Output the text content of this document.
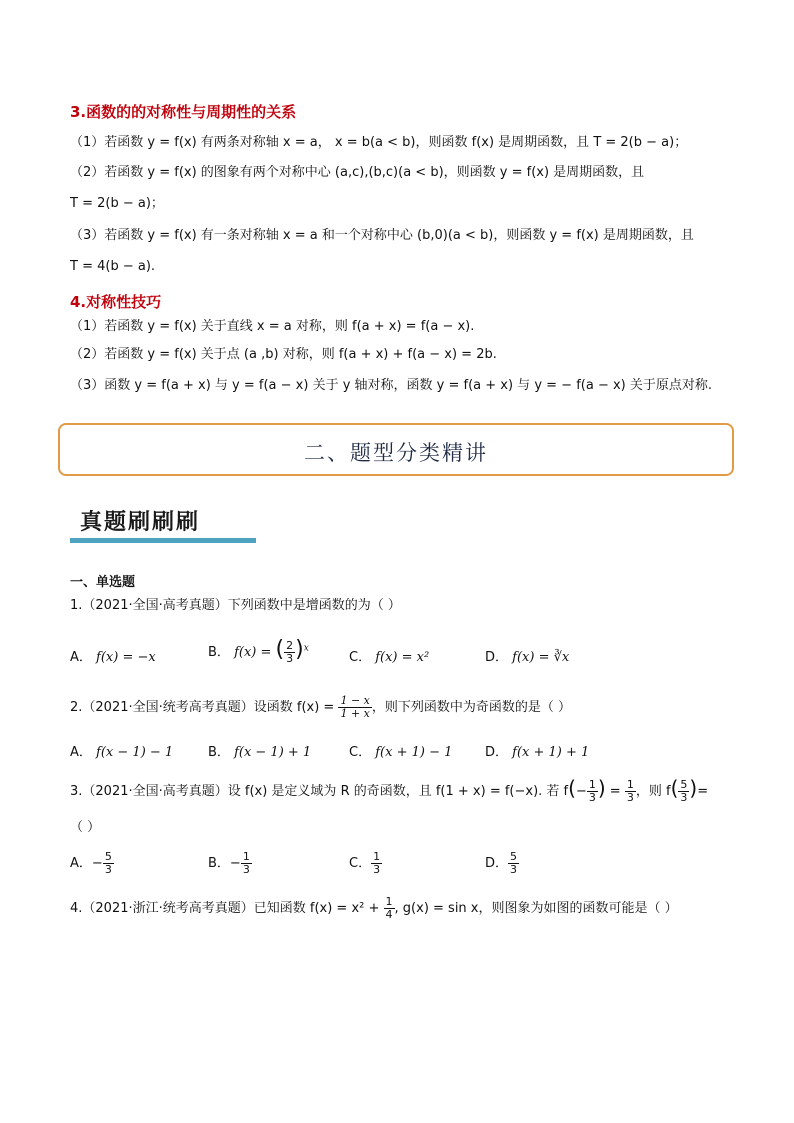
3.函数的的对称性与周期性的关系
（1）若函数 y = f(x) 有两条对称轴 x = a， x = b(a < b)，则函数 f(x) 是周期函数，且 T = 2(b − a)；
（2）若函数 y = f(x) 的图象有两个对称中心 (a,c),(b,c)(a < b)，则函数 y = f(x) 是周期函数，且
T = 2(b − a)；
（3）若函数 y = f(x) 有一条对称轴 x = a 和一个对称中心 (b,0)(a < b)，则函数 y = f(x) 是周期函数，且
T = 4(b − a).
4.对称性技巧
（1）若函数 y = f(x) 关于直线 x = a 对称，则 f(a + x) = f(a − x).
（2）若函数 y = f(x) 关于点 (a ,b) 对称，则 f(a + x) + f(a − x) = 2b.
（3）函数 y = f(a + x) 与 y = f(a − x) 关于 y 轴对称，函数 y = f(a + x) 与 y = − f(a − x) 关于原点对称.
二、题型分类精讲
真题刷刷刷
一、单选题
1.（2021·全国·高考真题）下列函数中是增函数的为（ ）
A． f(x) = −x	B． f(x) = ( $\frac{2}{3} )^x$
C． f(x) = x²	D． f(x) = ∛x
2.（2021·全国·统考高考真题）设函数 $f(x) = \frac{1 - x}{1 + x}$ ，则下列函数中为奇函数的是（ ）
A． f(x − 1) − 1	B． f(x − 1) + 1	C． f(x + 1) − 1	D． f(x + 1) + 1
3.（2021·全国·高考真题）设 f(x) 是定义域为 R 的奇函数，且 f(1 + x) = f(−x). 若 $f(- \frac{1}{3}$ ) = $\frac{1}{3}$ ，则 $f( \frac{5}{3}$ )=
（ ）
A．− $\frac{5}{3}$	B．− $\frac{1}{3}$	C． $\frac{1}{3}$	D． $\frac{5}{3}$
4.（2021·浙江·统考高考真题）已知函数 $f(x) = x^2 + \frac{1}{4}$ , g(x) = sin x，则图象为如图的函数可能是（ ）
